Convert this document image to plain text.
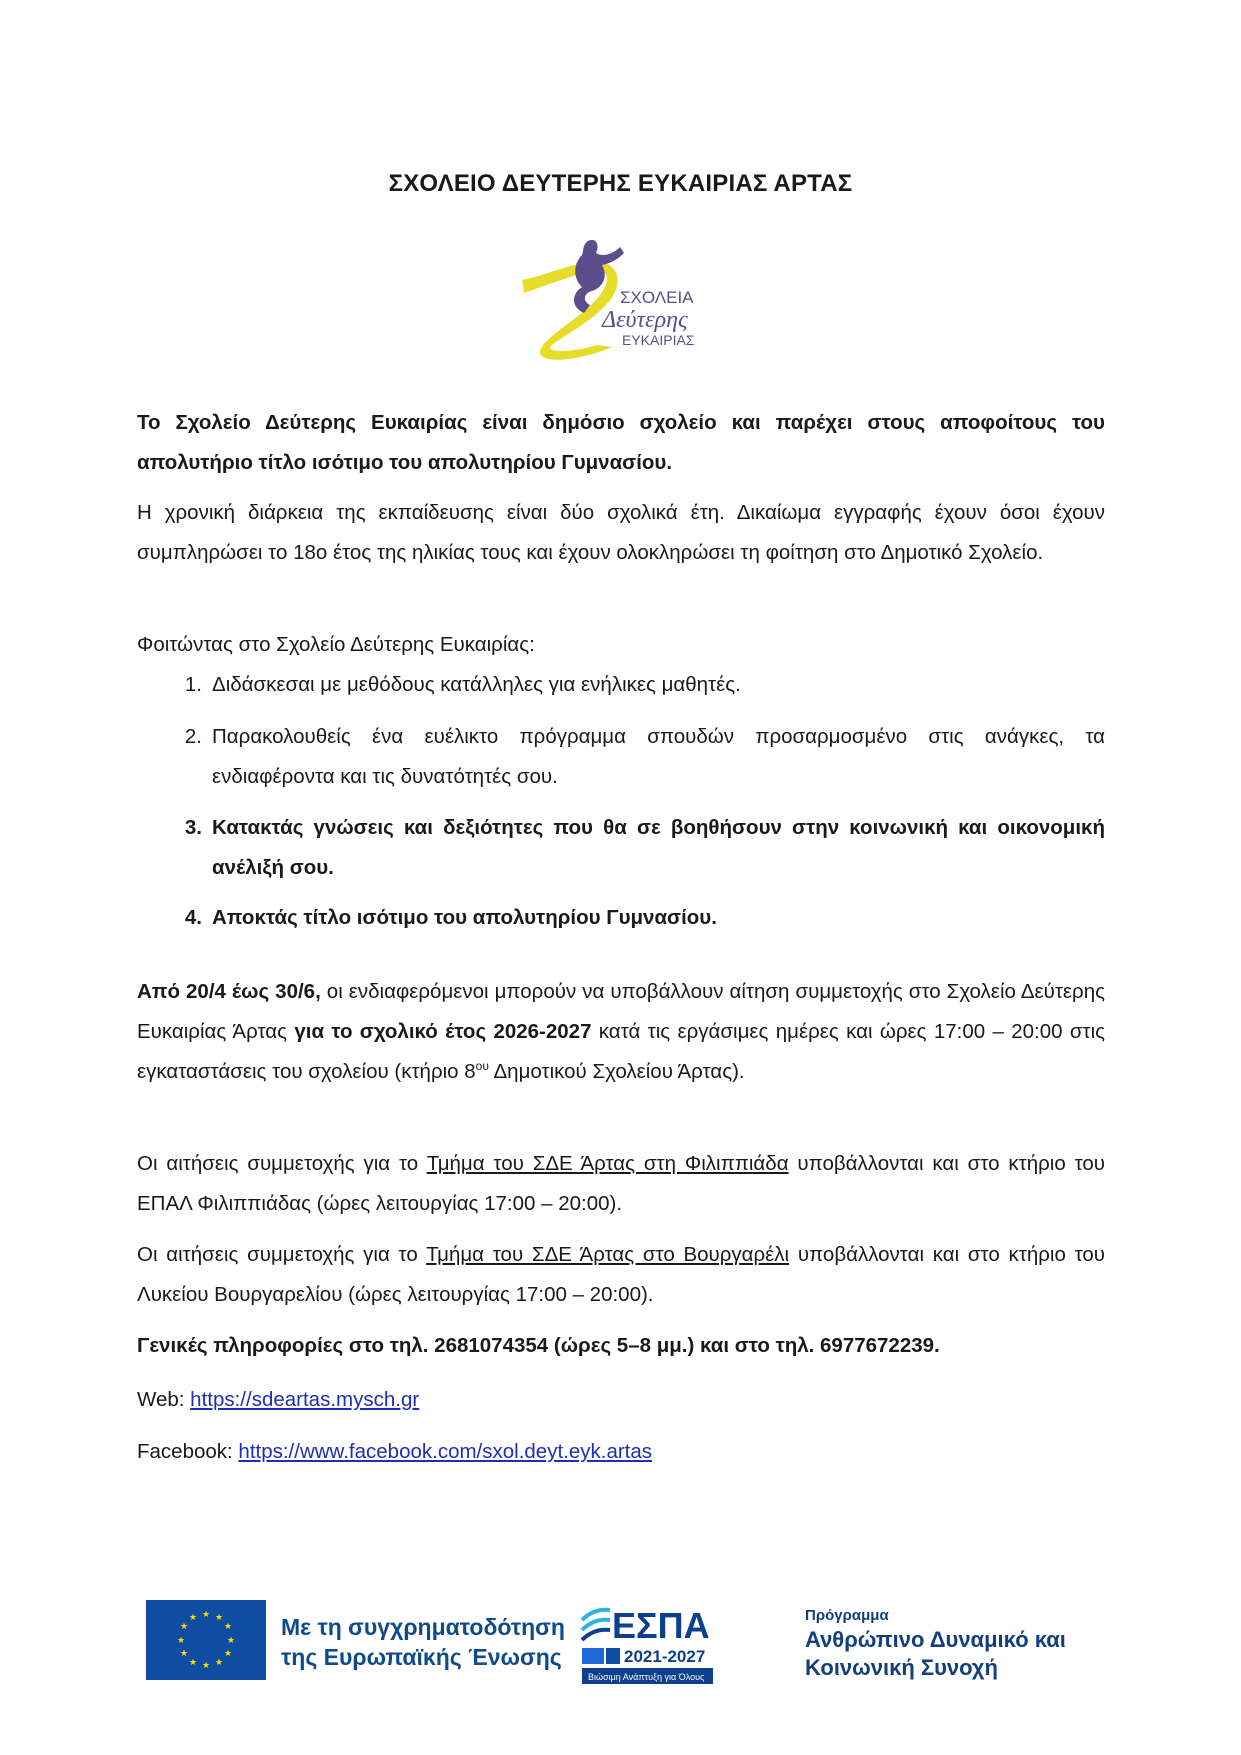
ΣΧΟΛΕΙΟ ΔΕΥΤΕΡΗΣ ΕΥΚΑΙΡΙΑΣ ΑΡΤΑΣ
ΣΧΟΛΕΙΑ
Δεύτερης
ΕΥΚΑΙΡΙΑΣ
Το Σχολείο Δεύτερης Ευκαιρίας είναι δημόσιο σχολείο και παρέχει στους αποφοίτους του απολυτήριο τίτλο ισότιμο του απολυτηρίου Γυμνασίου.
Η χρονική διάρκεια της εκπαίδευσης είναι δύο σχολικά έτη. Δικαίωμα εγγραφής έχουν όσοι έχουν συμπληρώσει το 18ο έτος της ηλικίας τους και έχουν ολοκληρώσει τη φοίτηση στο Δημοτικό Σχολείο.
Φοιτώντας στο Σχολείο Δεύτερης Ευκαιρίας:
1. Διδάσκεσαι με μεθόδους κατάλληλες για ενήλικες μαθητές.
2. Παρακολουθείς ένα ευέλικτο πρόγραμμα σπουδών προσαρμοσμένο στις ανάγκες, τα ενδιαφέροντα και τις δυνατότητές σου.
3. Κατακτάς γνώσεις και δεξιότητες που θα σε βοηθήσουν στην κοινωνική και οικονομική ανέλιξή σου.
4. Αποκτάς τίτλο ισότιμο του απολυτηρίου Γυμνασίου.
Από 20/4 έως 30/6, οι ενδιαφερόμενοι μπορούν να υποβάλλουν αίτηση συμμετοχής στο Σχολείο Δεύτερης Ευκαιρίας Άρτας για το σχολικό έτος 2026-2027 κατά τις εργάσιμες ημέρες και ώρες 17:00 – 20:00 στις εγκαταστάσεις του σχολείου (κτήριο $8^{o\upsilon}$ Δημοτικού Σχολείου Άρτας).
Οι αιτήσεις συμμετοχής για το Τμήμα του ΣΔΕ Άρτας στη Φιλιππιάδα υποβάλλονται και στο κτήριο του ΕΠΑΛ Φιλιππιάδας (ώρες λειτουργίας 17:00 – 20:00).
Οι αιτήσεις συμμετοχής για το Τμήμα του ΣΔΕ Άρτας στο Βουργαρέλι υποβάλλονται και στο κτήριο του Λυκείου Βουργαρελίου (ώρες λειτουργίας 17:00 – 20:00).
Γενικές πληροφορίες στο τηλ. 2681074354 (ώρες 5–8 μμ.) και στο τηλ. 6977672239.
Web: https://sdeartas.mysch.gr
Facebook: https://www.facebook.com/sxol.deyt.eyk.artas
★ ★
★
★
★
★
★
★
★
★
★
★	Με τη συγχρηματοδότηση
της Ευρωπαϊκής Ένωσης
ΕΣΠΑ
2021-2027
Βιώσιμη Ανάπτυξη για Όλους
Πρόγραμμα
Ανθρώπινο Δυναμικό και
Κοινωνική Συνοχή
